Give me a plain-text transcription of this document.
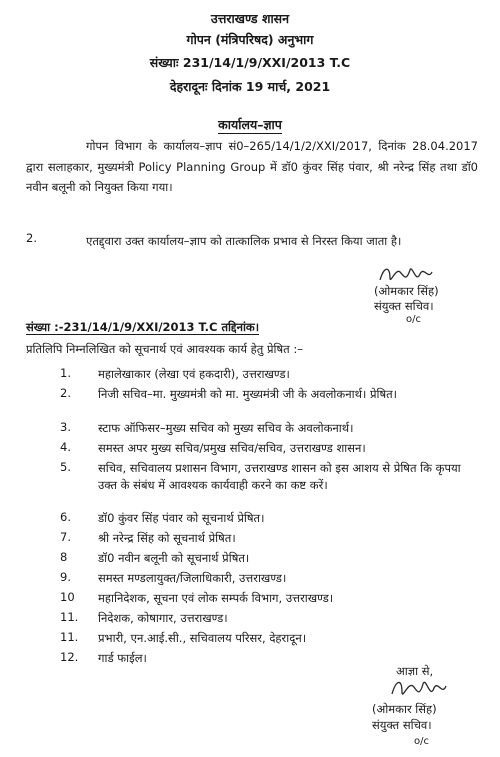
उत्तराखण्ड शासन
गोपन (मंत्रिपरिषद) अनुभाग
संख्याः 231/14/1/9/XXI/2013 T.C
देहरादूनः दिनांक 19 मार्च, 2021
कार्यालय–ज्ञाप
गोपन विभाग के कार्यालय–ज्ञाप सं0–265/14/1/2/XXI/2017, दिनांक 28.04.2017 द्वारा सलाहकार, मुख्यमंत्री Policy Planning Group में डॉ0 कुंवर सिंह पंवार, श्री नरेन्द्र सिंह तथा डॉ0 नवीन बलूनी को नियुक्त किया गया।
2.	एतद्द्वारा उक्त कार्यालय–ज्ञाप को तात्कालिक प्रभाव से निरस्त किया जाता है।
(ओमकार सिंह)
संयुक्त सचिव।
o/c
संख्या :-231/14/1/9/XXI/2013 T.C तद्दिनांक।
प्रतिलिपि निम्नलिखित को सूचनार्थ एवं आवश्यक कार्य हेतु प्रेषित :–
1. महालेखाकार (लेखा एवं हकदारी), उत्तराखण्ड।
2. निजी सचिव–मा. मुख्यमंत्री को मा. मुख्यमंत्री जी के अवलोकनार्थ। प्रेषित।
3. स्टाफ ऑफिसर–मुख्य सचिव को मुख्य सचिव के अवलोकनार्थ।
4. समस्त अपर मुख्य सचिव/प्रमुख सचिव/सचिव, उत्तराखण्ड शासन।
5. सचिव, सचिवालय प्रशासन विभाग, उत्तराखण्ड शासन को इस आशय से प्रेषित कि कृपया उक्त के संबंध में आवश्यक कार्यवाही करने का कष्ट करें।
6. डॉ0 कुंवर सिंह पंवार को सूचनार्थ प्रेषित।
7. श्री नरेन्द्र सिंह को सूचनार्थ प्रेषित।
8	डॉ0 नवीन बलूनी को सूचनार्थ प्रेषित।
9. समस्त मण्डलायुक्त/जिलाधिकारी, उत्तराखण्ड।
10 महानिदेशक, सूचना एवं लोक सम्पर्क विभाग, उत्तराखण्ड।
11. निदेशक, कोषागार, उत्तराखण्ड।
11. प्रभारी, एन.आई.सी., सचिवालय परिसर, देहरादून।
12. गार्ड फाईल।
आज्ञा से,
(ओमकार सिंह)
संयुक्त सचिव।
o/c
